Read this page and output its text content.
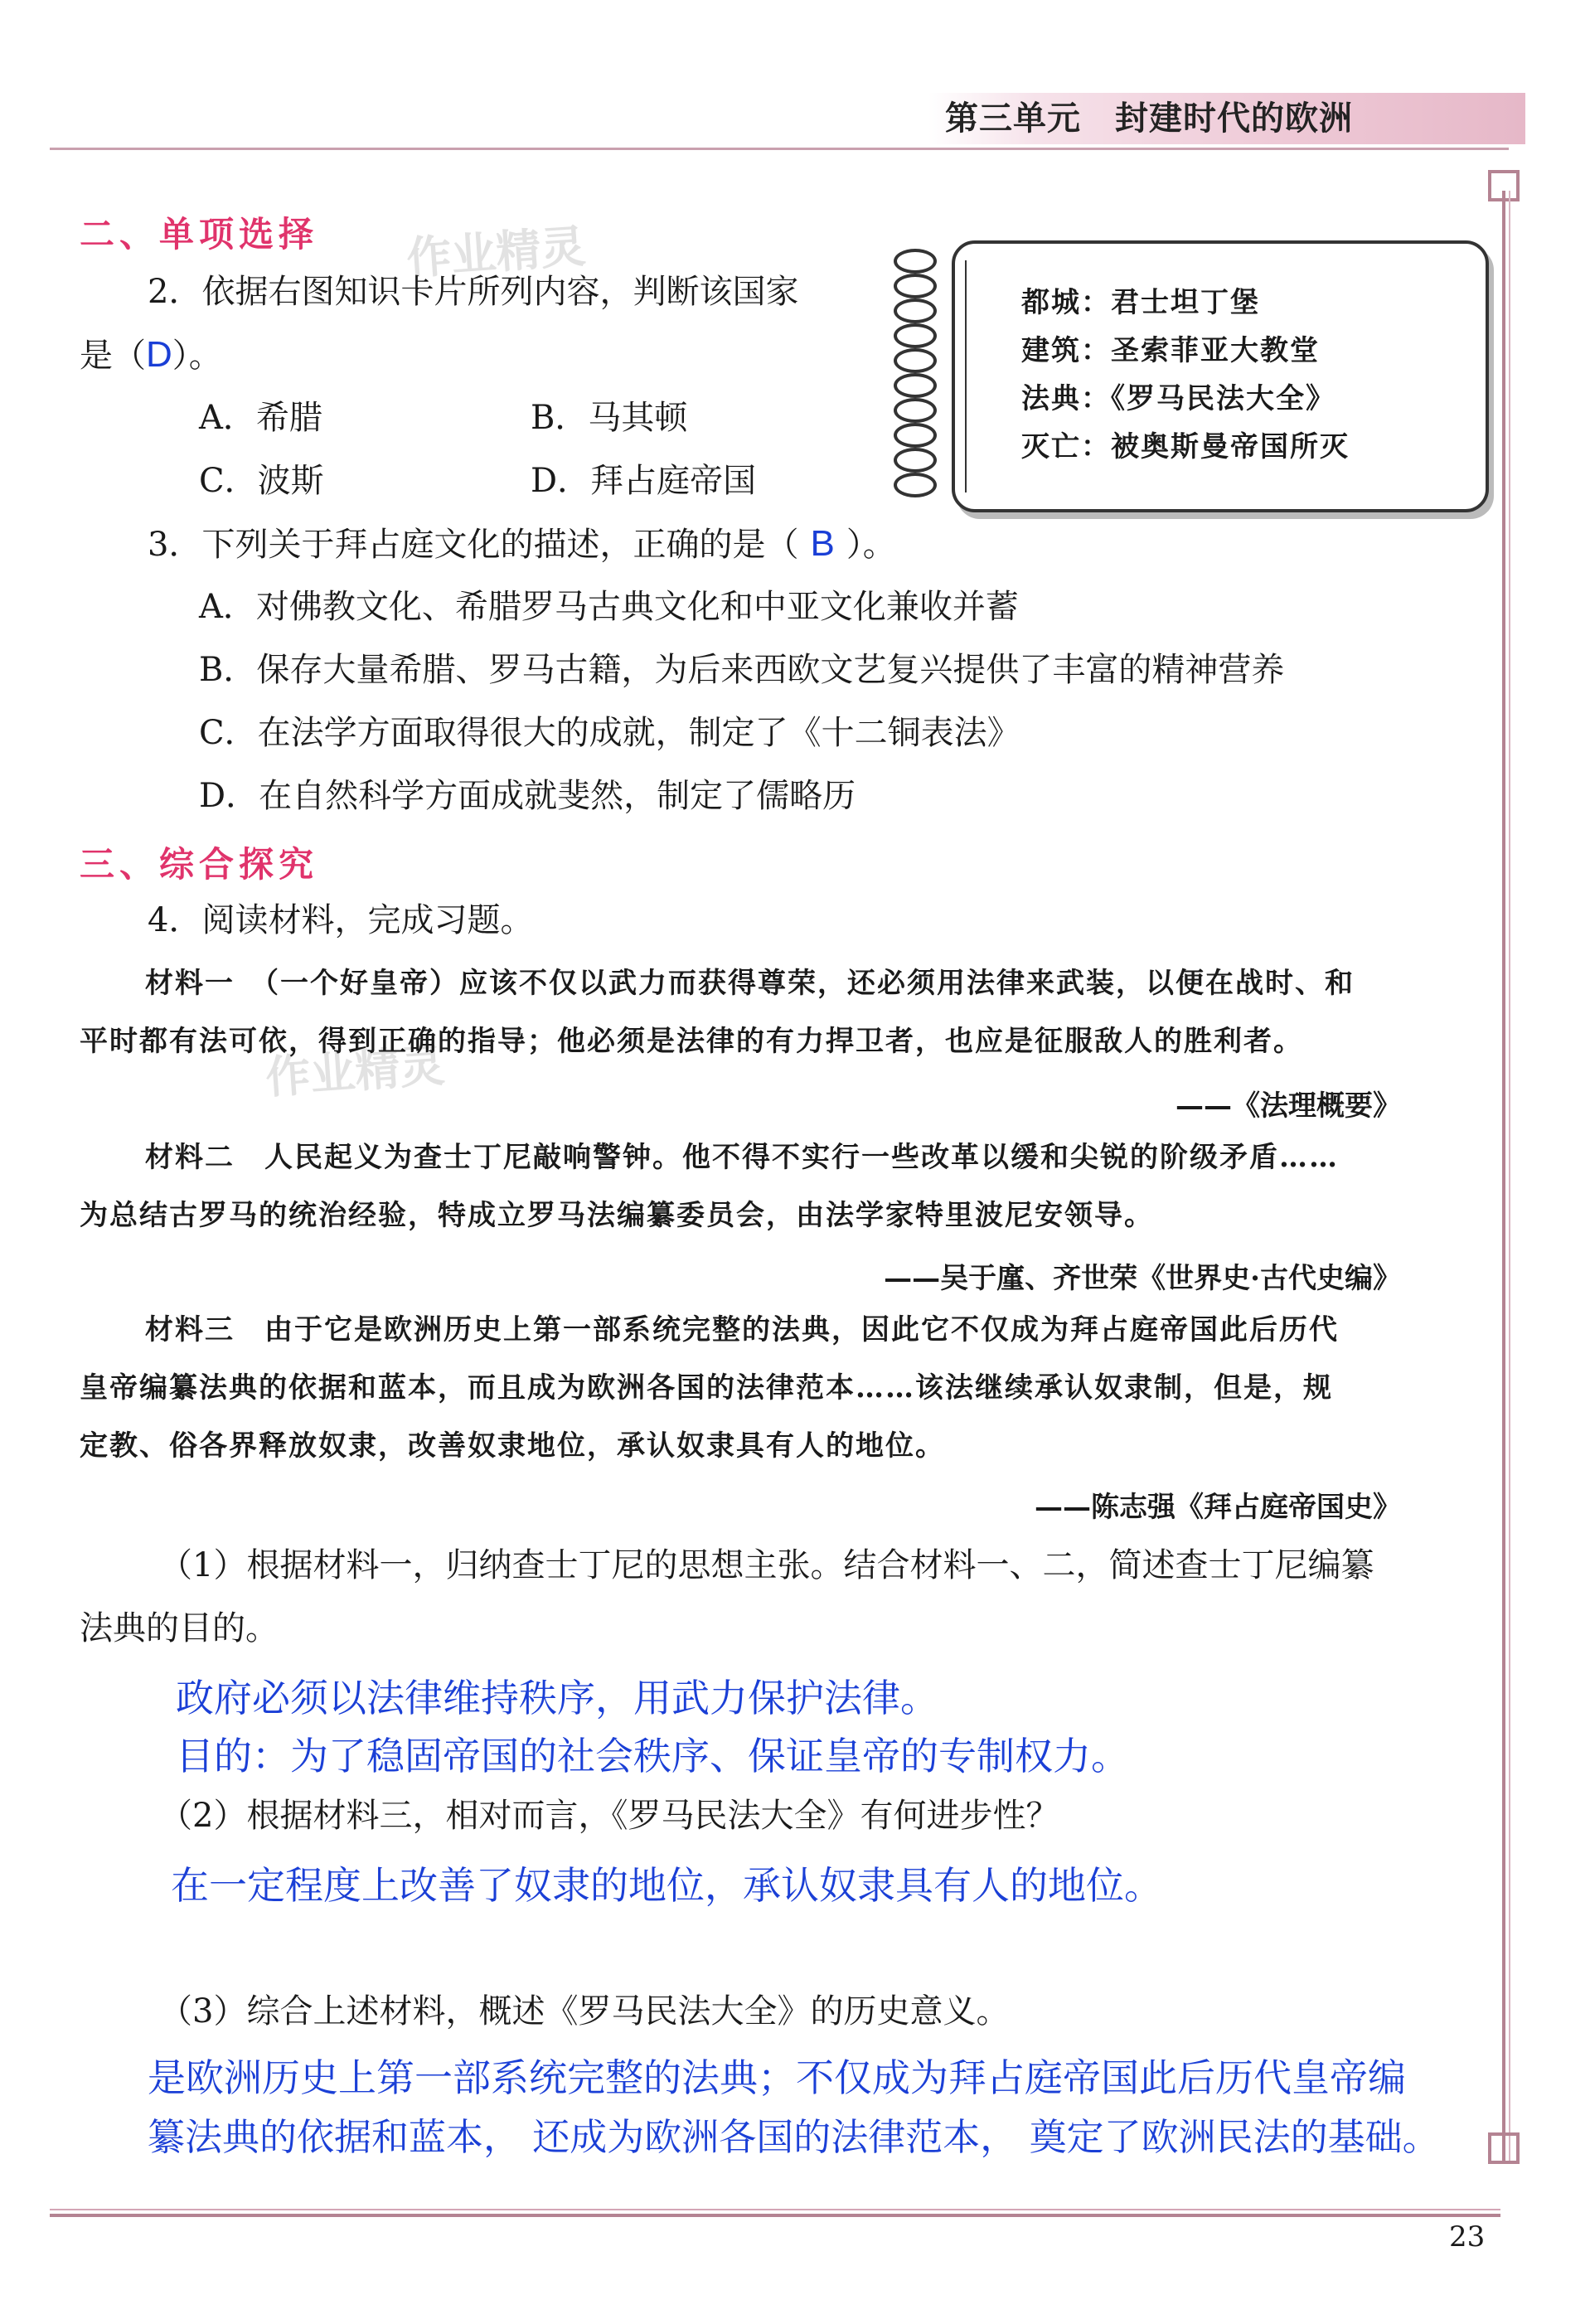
第三单元　封建时代的欧洲
作业精灵
作业精灵
二、单项选择
2．依据右图知识卡片所列内容，判断该国家
是（D）。
A．希腊	B．马其顿
C．波斯	D．拜占庭帝国
都城：君士坦丁堡
建筑：圣索菲亚大教堂
法典：《罗马民法大全》
灭亡：被奥斯曼帝国所灭
3．下列关于拜占庭文化的描述，正确的是（ B ）。
A．对佛教文化、希腊罗马古典文化和中亚文化兼收并蓄
B．保存大量希腊、罗马古籍，为后来西欧文艺复兴提供了丰富的精神营养
C．在法学方面取得很大的成就，制定了《十二铜表法》
D．在自然科学方面成就斐然，制定了儒略历
三、综合探究
4．阅读材料，完成习题。
材料一　（一个好皇帝）应该不仅以武力而获得尊荣，还必须用法律来武装，以便在战时、和
平时都有法可依，得到正确的指导；他必须是法律的有力捍卫者，也应是征服敌人的胜利者。
——《法理概要》
材料二　人民起义为查士丁尼敲响警钟。他不得不实行一些改革以缓和尖锐的阶级矛盾……
为总结古罗马的统治经验，特成立罗马法编纂委员会，由法学家特里波尼安领导。
——吴于廑、齐世荣《世界史·古代史编》
材料三　由于它是欧洲历史上第一部系统完整的法典，因此它不仅成为拜占庭帝国此后历代
皇帝编纂法典的依据和蓝本，而且成为欧洲各国的法律范本……该法继续承认奴隶制，但是，规
定教、俗各界释放奴隶，改善奴隶地位，承认奴隶具有人的地位。
——陈志强《拜占庭帝国史》
（1）根据材料一，归纳查士丁尼的思想主张。结合材料一、二，简述查士丁尼编纂
法典的目的。
政府必须以法律维持秩序，用武力保护法律。
目的：为了稳固帝国的社会秩序、保证皇帝的专制权力。
（2）根据材料三，相对而言，《罗马民法大全》有何进步性？
在一定程度上改善了奴隶的地位，承认奴隶具有人的地位。
（3）综合上述材料，概述《罗马民法大全》的历史意义。
是欧洲历史上第一部系统完整的法典；不仅成为拜占庭帝国此后历代皇帝编
纂法典的依据和蓝本， 还成为欧洲各国的法律范本， 奠定了欧洲民法的基础。
23
